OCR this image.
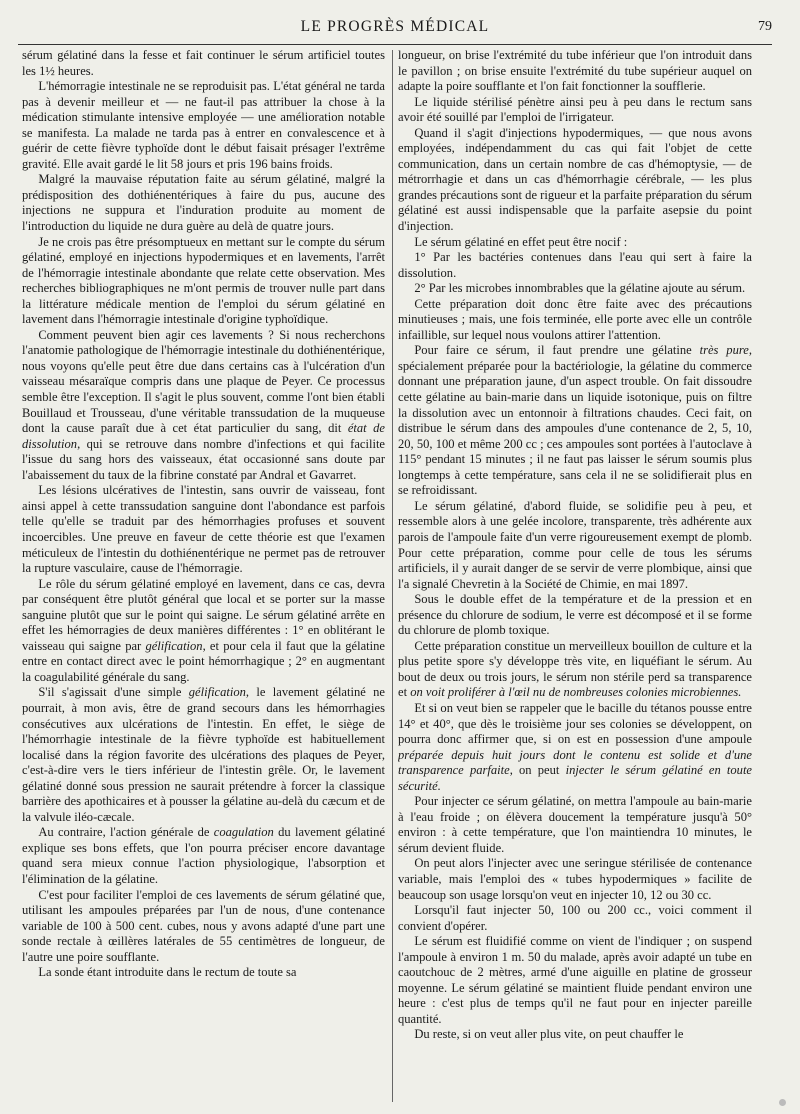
LE PROGRÈS MÉDICAL	79

sérum gélatiné dans la fesse et fait continuer le sérum artificiel toutes les 1½ heures.

L'hémorragie intestinale ne se reproduisit pas. L'état général ne tarda pas à devenir meilleur et — ne faut-il pas attribuer la chose à la médication stimulante intensive employée — une amélioration notable se manifesta. La malade ne tarda pas à entrer en convalescence et à guérir de cette fièvre typhoïde dont le début faisait présager l'extrême gravité. Elle avait gardé le lit 58 jours et pris 196 bains froids.

Malgré la mauvaise réputation faite au sérum gélatiné, malgré la prédisposition des dothiénentériques à faire du pus, aucune des injections ne suppura et l'induration produite au moment de l'introduction du liquide ne dura guère au delà de quatre jours.

Je ne crois pas être présomptueux en mettant sur le compte du sérum gélatiné, employé en injections hypodermiques et en lavements, l'arrêt de l'hémorragie intestinale abondante que relate cette observation. Mes recherches bibliographiques ne m'ont permis de trouver nulle part dans la littérature médicale mention de l'emploi du sérum gélatiné en lavement dans l'hémorragie intestinale d'origine typhoïdique.

Comment peuvent bien agir ces lavements ? Si nous recherchons l'anatomie pathologique de l'hémorragie intestinale du dothiénentérique, nous voyons qu'elle peut être due dans certains cas à l'ulcération d'un vaisseau mésaraïque compris dans une plaque de Peyer. Ce processus semble être l'exception. Il s'agit le plus souvent, comme l'ont bien établi Bouillaud et Trousseau, d'une véritable transsudation de la muqueuse dont la cause paraît due à cet état particulier du sang, dit état de dissolution, qui se retrouve dans nombre d'infections et qui facilite l'issue du sang hors des vaisseaux, état occasionné sans doute par l'abaissement du taux de la fibrine constaté par Andral et Gavarret.

Les lésions ulcératives de l'intestin, sans ouvrir de vaisseau, font ainsi appel à cette transsudation sanguine dont l'abondance est parfois telle qu'elle se traduit par des hémorrhagies profuses et souvent incoercibles. Une preuve en faveur de cette théorie est que l'examen méticuleux de l'intestin du dothiénentérique ne permet pas de retrouver la rupture vasculaire, cause de l'hémorragie.

Le rôle du sérum gélatiné employé en lavement, dans ce cas, devra par conséquent être plutôt général que local et se porter sur la masse sanguine plutôt que sur le point qui saigne. Le sérum gélatiné arrête en effet les hémorragies de deux manières différentes : 1° en oblitérant le vaisseau qui saigne par gélification, et pour cela il faut que la gélatine entre en contact direct avec le point hémorrhagique ; 2° en augmentant la coagulabilité générale du sang.

S'il s'agissait d'une simple gélification, le lavement gélatiné ne pourrait, à mon avis, être de grand secours dans les hémorrhagies consécutives aux ulcérations de l'intestin. En effet, le siège de l'hémorrhagie intestinale de la fièvre typhoïde est habituellement localisé dans la région favorite des ulcérations des plaques de Peyer, c'est-à-dire vers le tiers inférieur de l'intestin grêle. Or, le lavement gélatiné donné sous pression ne saurait prétendre à forcer la classique barrière des apothicaires et à pousser la gélatine au-delà du cæcum et de la valvule iléo-cæcale.

Au contraire, l'action générale de coagulation du lavement gélatiné explique ses bons effets, que l'on pourra préciser encore davantage quand sera mieux connue l'action physiologique, l'absorption et l'élimination de la gélatine.

C'est pour faciliter l'emploi de ces lavements de sérum gélatiné que, utilisant les ampoules préparées par l'un de nous, d'une contenance variable de 100 à 500 cent. cubes, nous y avons adapté d'une part une sonde rectale à œillères latérales de 55 centimètres de longueur, de l'autre une poire soufflante.

La sonde étant introduite dans le rectum de toute sa

longueur, on brise l'extrémité du tube inférieur que l'on introduit dans le pavillon ; on brise ensuite l'extrémité du tube supérieur auquel on adapte la poire soufflante et l'on fait fonctionner la soufflerie.

Le liquide stérilisé pénètre ainsi peu à peu dans le rectum sans avoir été souillé par l'emploi de l'irrigateur.

Quand il s'agit d'injections hypodermiques, — que nous avons employées, indépendamment du cas qui fait l'objet de cette communication, dans un certain nombre de cas d'hémoptysie, — de métrorrhagie et dans un cas d'hémorrhagie cérébrale, — les plus grandes précautions sont de rigueur et la parfaite préparation du sérum gélatiné est aussi indispensable que la parfaite asepsie du point d'injection.

Le sérum gélatiné en effet peut être nocif :

1° Par les bactéries contenues dans l'eau qui sert à faire la dissolution.

2° Par les microbes innombrables que la gélatine ajoute au sérum.

Cette préparation doit donc être faite avec des précautions minutieuses ; mais, une fois terminée, elle porte avec elle un contrôle infaillible, sur lequel nous voulons attirer l'attention.

Pour faire ce sérum, il faut prendre une gélatine très pure, spécialement préparée pour la bactériologie, la gélatine du commerce donnant une préparation jaune, d'un aspect trouble. On fait dissoudre cette gélatine au bain-marie dans un liquide isotonique, puis on filtre la dissolution avec un entonnoir à filtrations chaudes. Ceci fait, on distribue le sérum dans des ampoules d'une contenance de 2, 5, 10, 20, 50, 100 et même 200 cc ; ces ampoules sont portées à l'autoclave à 115° pendant 15 minutes ; il ne faut pas laisser le sérum soumis plus longtemps à cette température, sans cela il ne se solidifierait plus en se refroidissant.

Le sérum gélatiné, d'abord fluide, se solidifie peu à peu, et ressemble alors à une gelée incolore, transparente, très adhérente aux parois de l'ampoule faite d'un verre rigoureusement exempt de plomb. Pour cette préparation, comme pour celle de tous les sérums artificiels, il y aurait danger de se servir de verre plombique, ainsi que l'a signalé Chevretin à la Société de Chimie, en mai 1897.

Sous le double effet de la température et de la pression et en présence du chlorure de sodium, le verre est décomposé et il se forme du chlorure de plomb toxique.

Cette préparation constitue un merveilleux bouillon de culture et la plus petite spore s'y développe très vite, en liquéfiant le sérum. Au bout de deux ou trois jours, le sérum non stérile perd sa transparence et on voit proliférer à l'œil nu de nombreuses colonies microbiennes.

Et si on veut bien se rappeler que le bacille du tétanos pousse entre 14° et 40°, que dès le troisième jour ses colonies se développent, on pourra donc affirmer que, si on est en possession d'une ampoule préparée depuis huit jours dont le contenu est solide et d'une transparence parfaite, on peut injecter le sérum gélatiné en toute sécurité.

Pour injecter ce sérum gélatiné, on mettra l'ampoule au bain-marie à l'eau froide ; on élèvera doucement la température jusqu'à 50° environ : à cette température, que l'on maintiendra 10 minutes, le sérum devient fluide.

On peut alors l'injecter avec une seringue stérilisée de contenance variable, mais l'emploi des « tubes hypodermiques » facilite de beaucoup son usage lorsqu'on veut en injecter 10, 12 ou 30 cc.

Lorsqu'il faut injecter 50, 100 ou 200 cc., voici comment il convient d'opérer.

Le sérum est fluidifié comme on vient de l'indiquer ; on suspend l'ampoule à environ 1 m. 50 du malade, après avoir adapté un tube en caoutchouc de 2 mètres, armé d'une aiguille en platine de grosseur moyenne. Le sérum gélatiné se maintient fluide pendant environ une heure : c'est plus de temps qu'il ne faut pour en injecter pareille quantité.

Du reste, si on veut aller plus vite, on peut chauffer le
